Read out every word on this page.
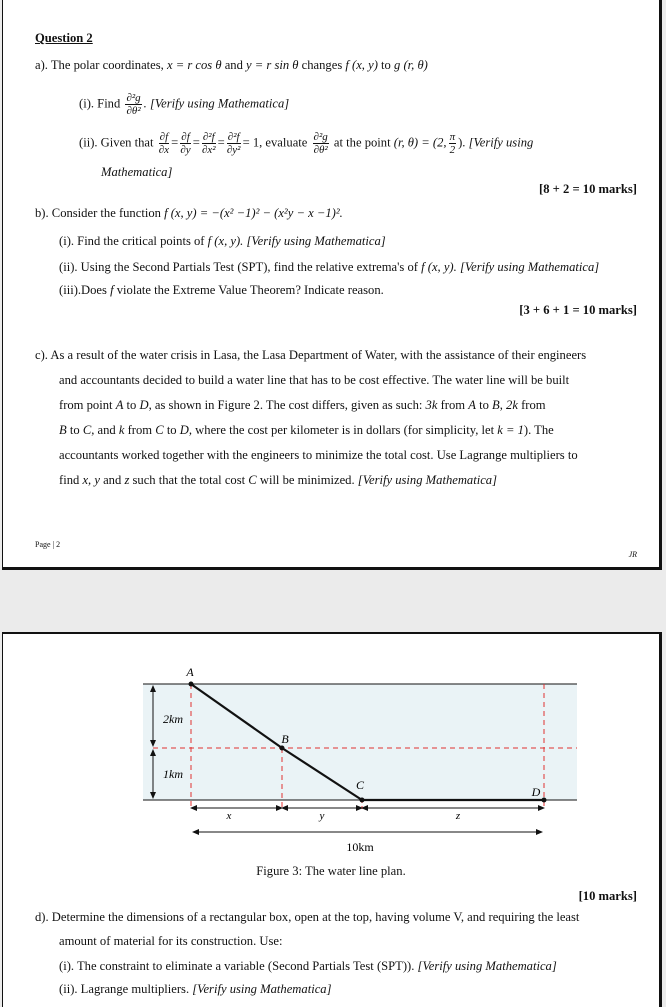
Question 2
a). The polar coordinates, x = r cos θ and y = r sin θ changes f (x, y) to g (r, θ)
(i). Find $\frac{\text{∂²g}}{\text{∂θ²}}$ . [Verify using Mathematica]
(ii). Given that $\frac{\partial f}{\partial x} = \frac{\partial f}{\partial y} = \frac{\text{∂²f}}{\text{∂x²}} = \frac{\text{∂²f}}{\text{∂y²}} = 1$, evaluate $\frac{\text{∂²g}}{\text{∂θ²}}$ at the point (r, θ) = (2, $\frac{\pi}{2}$ ). [Verify using
Mathematica]
[8 + 2 = 10 marks]
b). Consider the function f (x, y) = −(x² −1)² − (x²y − x −1)².
(i). Find the critical points of f (x, y). [Verify using Mathematica]
(ii). Using the Second Partials Test (SPT), find the relative extrema's of f (x, y). [Verify using Mathematica]
(iii).Does f violate the Extreme Value Theorem? Indicate reason.
[3 + 6 + 1 = 10 marks]
c). As a result of the water crisis in Lasa, the Lasa Department of Water, with the assistance of their engineers
and accountants decided to build a water line that has to be cost effective. The water line will be built
from point A to D, as shown in Figure 2. The cost differs, given as such: 3k from A to B, 2k from
B to C, and k from C to D, where the cost per kilometer is in dollars (for simplicity, let k = 1). The
accountants worked together with the engineers to minimize the total cost. Use Lagrange multipliers to
find x, y and z such that the total cost C will be minimized. [Verify using Mathematica]
Page | 2
JR
A
B
C	D
2km
1km
x	y	z
10km
Figure 3: The water line plan.
[10 marks]
d). Determine the dimensions of a rectangular box, open at the top, having volume V, and requiring the least
amount of material for its construction. Use:
(i). The constraint to eliminate a variable (Second Partials Test (SPT)). [Verify using Mathematica]
(ii). Lagrange multipliers. [Verify using Mathematica]
